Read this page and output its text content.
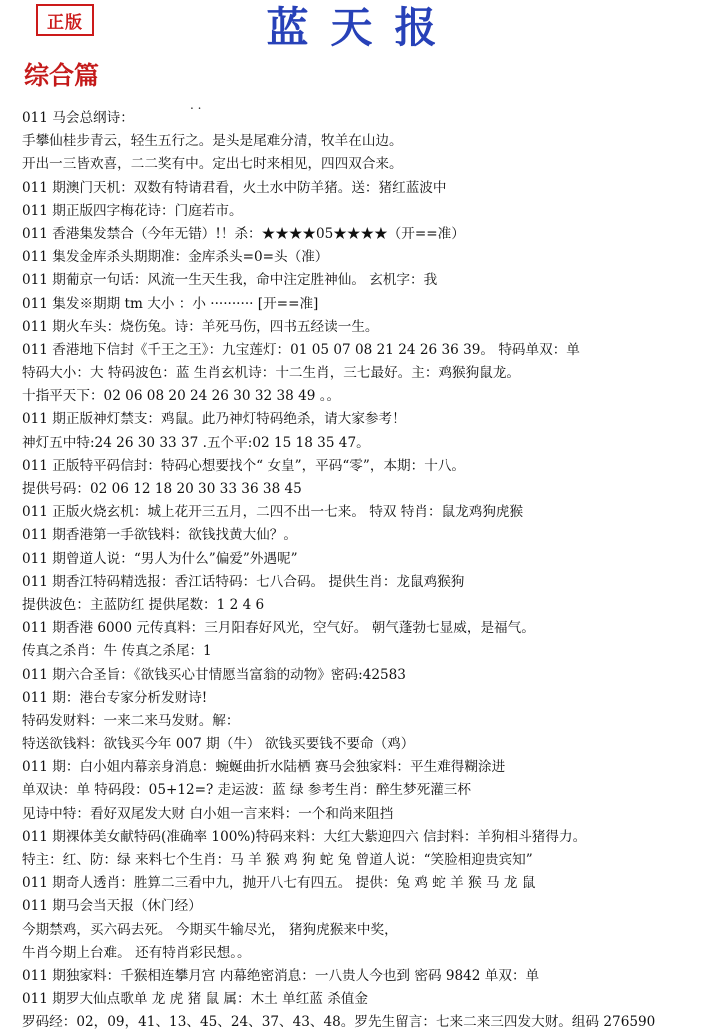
正版	蓝天报
综合篇
. .
011 马会总纲诗：
手攀仙桂步青云，轻生五行之。是头是尾难分清，牧羊在山边。
开出一三皆欢喜，二二奖有中。定出七时来相见，四四双合来。
011 期澳门天机：双数有特请君看，火土水中防羊猪。送：猪红蓝波中
011 期正版四字梅花诗：门庭若市。
011 香港集发禁合（今年无错）!！杀：★★★★05★★★★（开==准）
011 集发金库杀头期期准：金库杀头=0=头（准）
011 期葡京一句话：风流一生天生我，命中注定胜神仙。 玄机字：我
011 集发※期期 tm 大小 ：小 ·········· [开==准]
011 期火车头：烧伤兔。诗：羊死马伤，四书五经读一生。
011 香港地下信封《千王之王》：九宝莲灯：01 05 07 08 21 24 26 36 39。 特码单双：单
特码大小：大 特码波色：蓝 生肖玄机诗：十二生肖，三七最好。主：鸡猴狗鼠龙。
十指平天下：02 06 08 20 24 26 30 32 38 49 。。
011 期正版神灯禁支：鸡鼠。此乃神灯特码绝杀，请大家参考！
神灯五中特:24 26 30 33 37 .五个平:02 15 18 35 47。
011 正版特平码信封：特码心想要找个“ 女皇”，平码“零”，本期：十八。
提供号码：02 06 12 18 20 30 33 36 38 45
011 正版火烧玄机：城上花开三五月，二四不出一七来。 特双 特肖：鼠龙鸡狗虎猴
011 期香港第一手欲钱料：欲钱找黄大仙？。
011 期曾道人说：“男人为什么”偏爱”外遇呢”
011 期香江特码精选报：香江话特码：七八合码。 提供生肖：龙鼠鸡猴狗
提供波色：主蓝防红 提供尾数：1 2 4 6
011 期香港 6000 元传真料：三月阳春好风光，空气好。 朝气蓬勃七显威，是福气。
传真之杀肖：牛 传真之杀尾：1
011 期六合圣旨：《欲钱买心甘情愿当富翁的动物》密码:42583
011 期：港台专家分析发财诗!
特码发财料：一来二来马发财。解：
特送欲钱料：欲钱买今年 007 期（牛） 欲钱买要钱不要命（鸡）
011 期：白小姐内幕亲身消息：蜿蜒曲折水陆栖 赛马会独家料：平生难得糊涂进
单双诀：单 特码段：05+12=? 走运波：蓝 绿 参考生肖：醉生梦死灌三杯
见诗中特：看好双尾发大财 白小姐一言来料：一个和尚来阻挡
011 期裸体美女献特码(准确率 100%)特码来料：大红大紫迎四六 信封料：羊狗相斗猪得力。
特主：红、防：绿 来料七个生肖：马 羊 猴 鸡 狗 蛇 兔 曾道人说：“笑脸相迎贵宾知”
011 期奇人透肖：胜算二三看中九，抛开八七有四五。 提供：兔 鸡 蛇 羊 猴 马 龙 鼠
011 期马会当天报（休门经）
今期禁鸡，买六码去死。 今期买牛输尽光， 猪狗虎猴来中奖，
牛肖今期上台难。 还有特肖彩民想。。
011 期独家料：千猴相连攀月宫 内幕绝密消息：一八贵人今也到 密码 9842 单双：单
011 期罗大仙点歌单 龙 虎 猪 鼠 属：木土 单红蓝 杀值金
罗码经：02，09，41、13、45、24、37、43、48。罗先生留言：七来二来三四发大财。组码 276590
